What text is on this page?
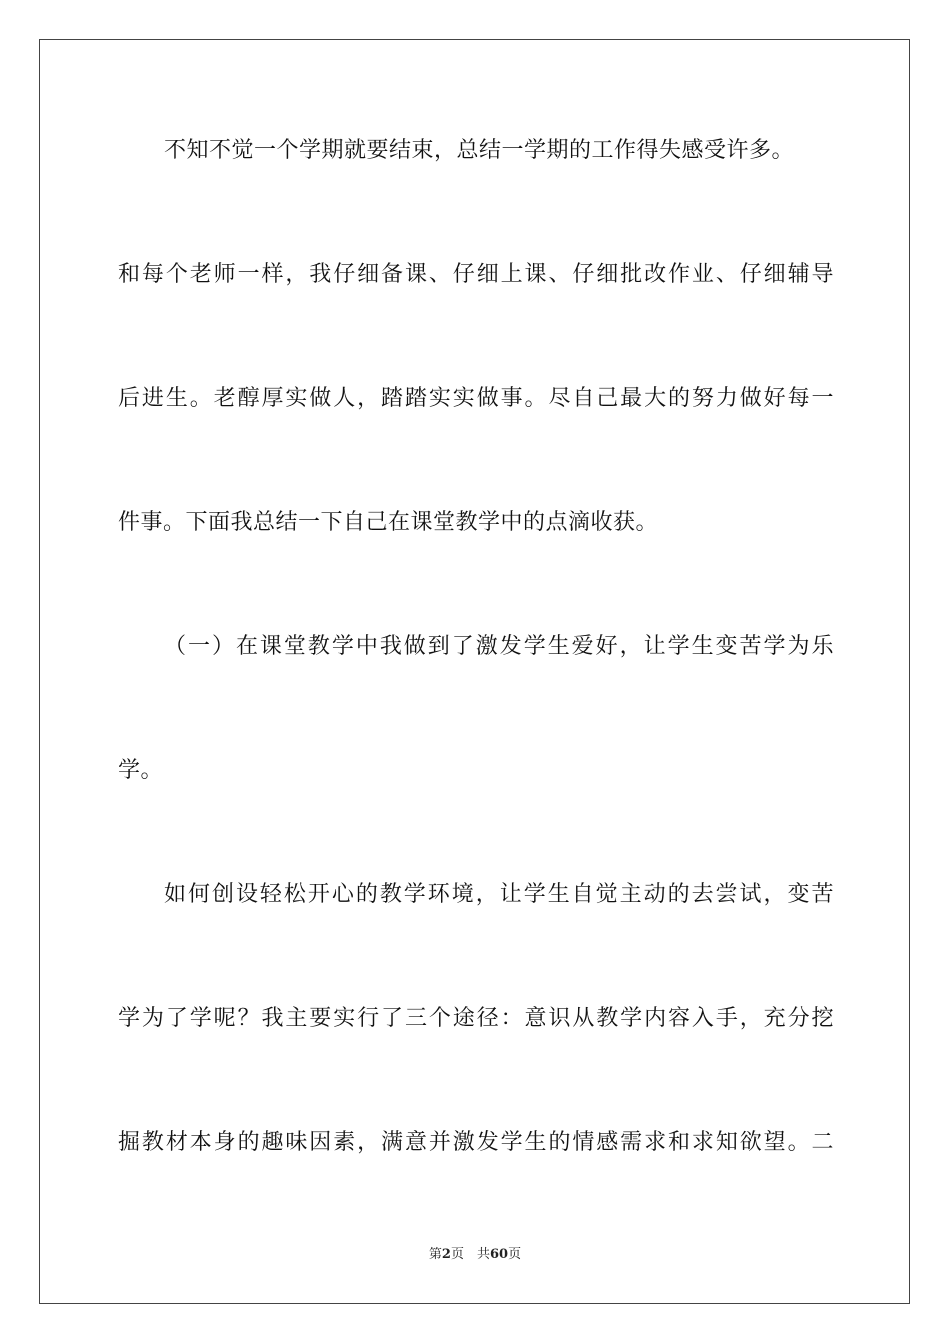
不知不觉一个学期就要结束，总结一学期的工作得失感受许多。
和每个老师一样，我仔细备课、仔细上课、仔细批改作业、仔细辅导
后进生。老醇厚实做人，踏踏实实做事。尽自己最大的努力做好每一
件事。下面我总结一下自己在课堂教学中的点滴收获。
（一）在课堂教学中我做到了激发学生爱好，让学生变苦学为乐
学。
如何创设轻松开心的教学环境，让学生自觉主动的去尝试，变苦
学为了学呢？我主要实行了三个途径：意识从教学内容入手，充分挖
掘教材本身的趣味因素，满意并激发学生的情感需求和求知欲望。二
第2页　共60页
